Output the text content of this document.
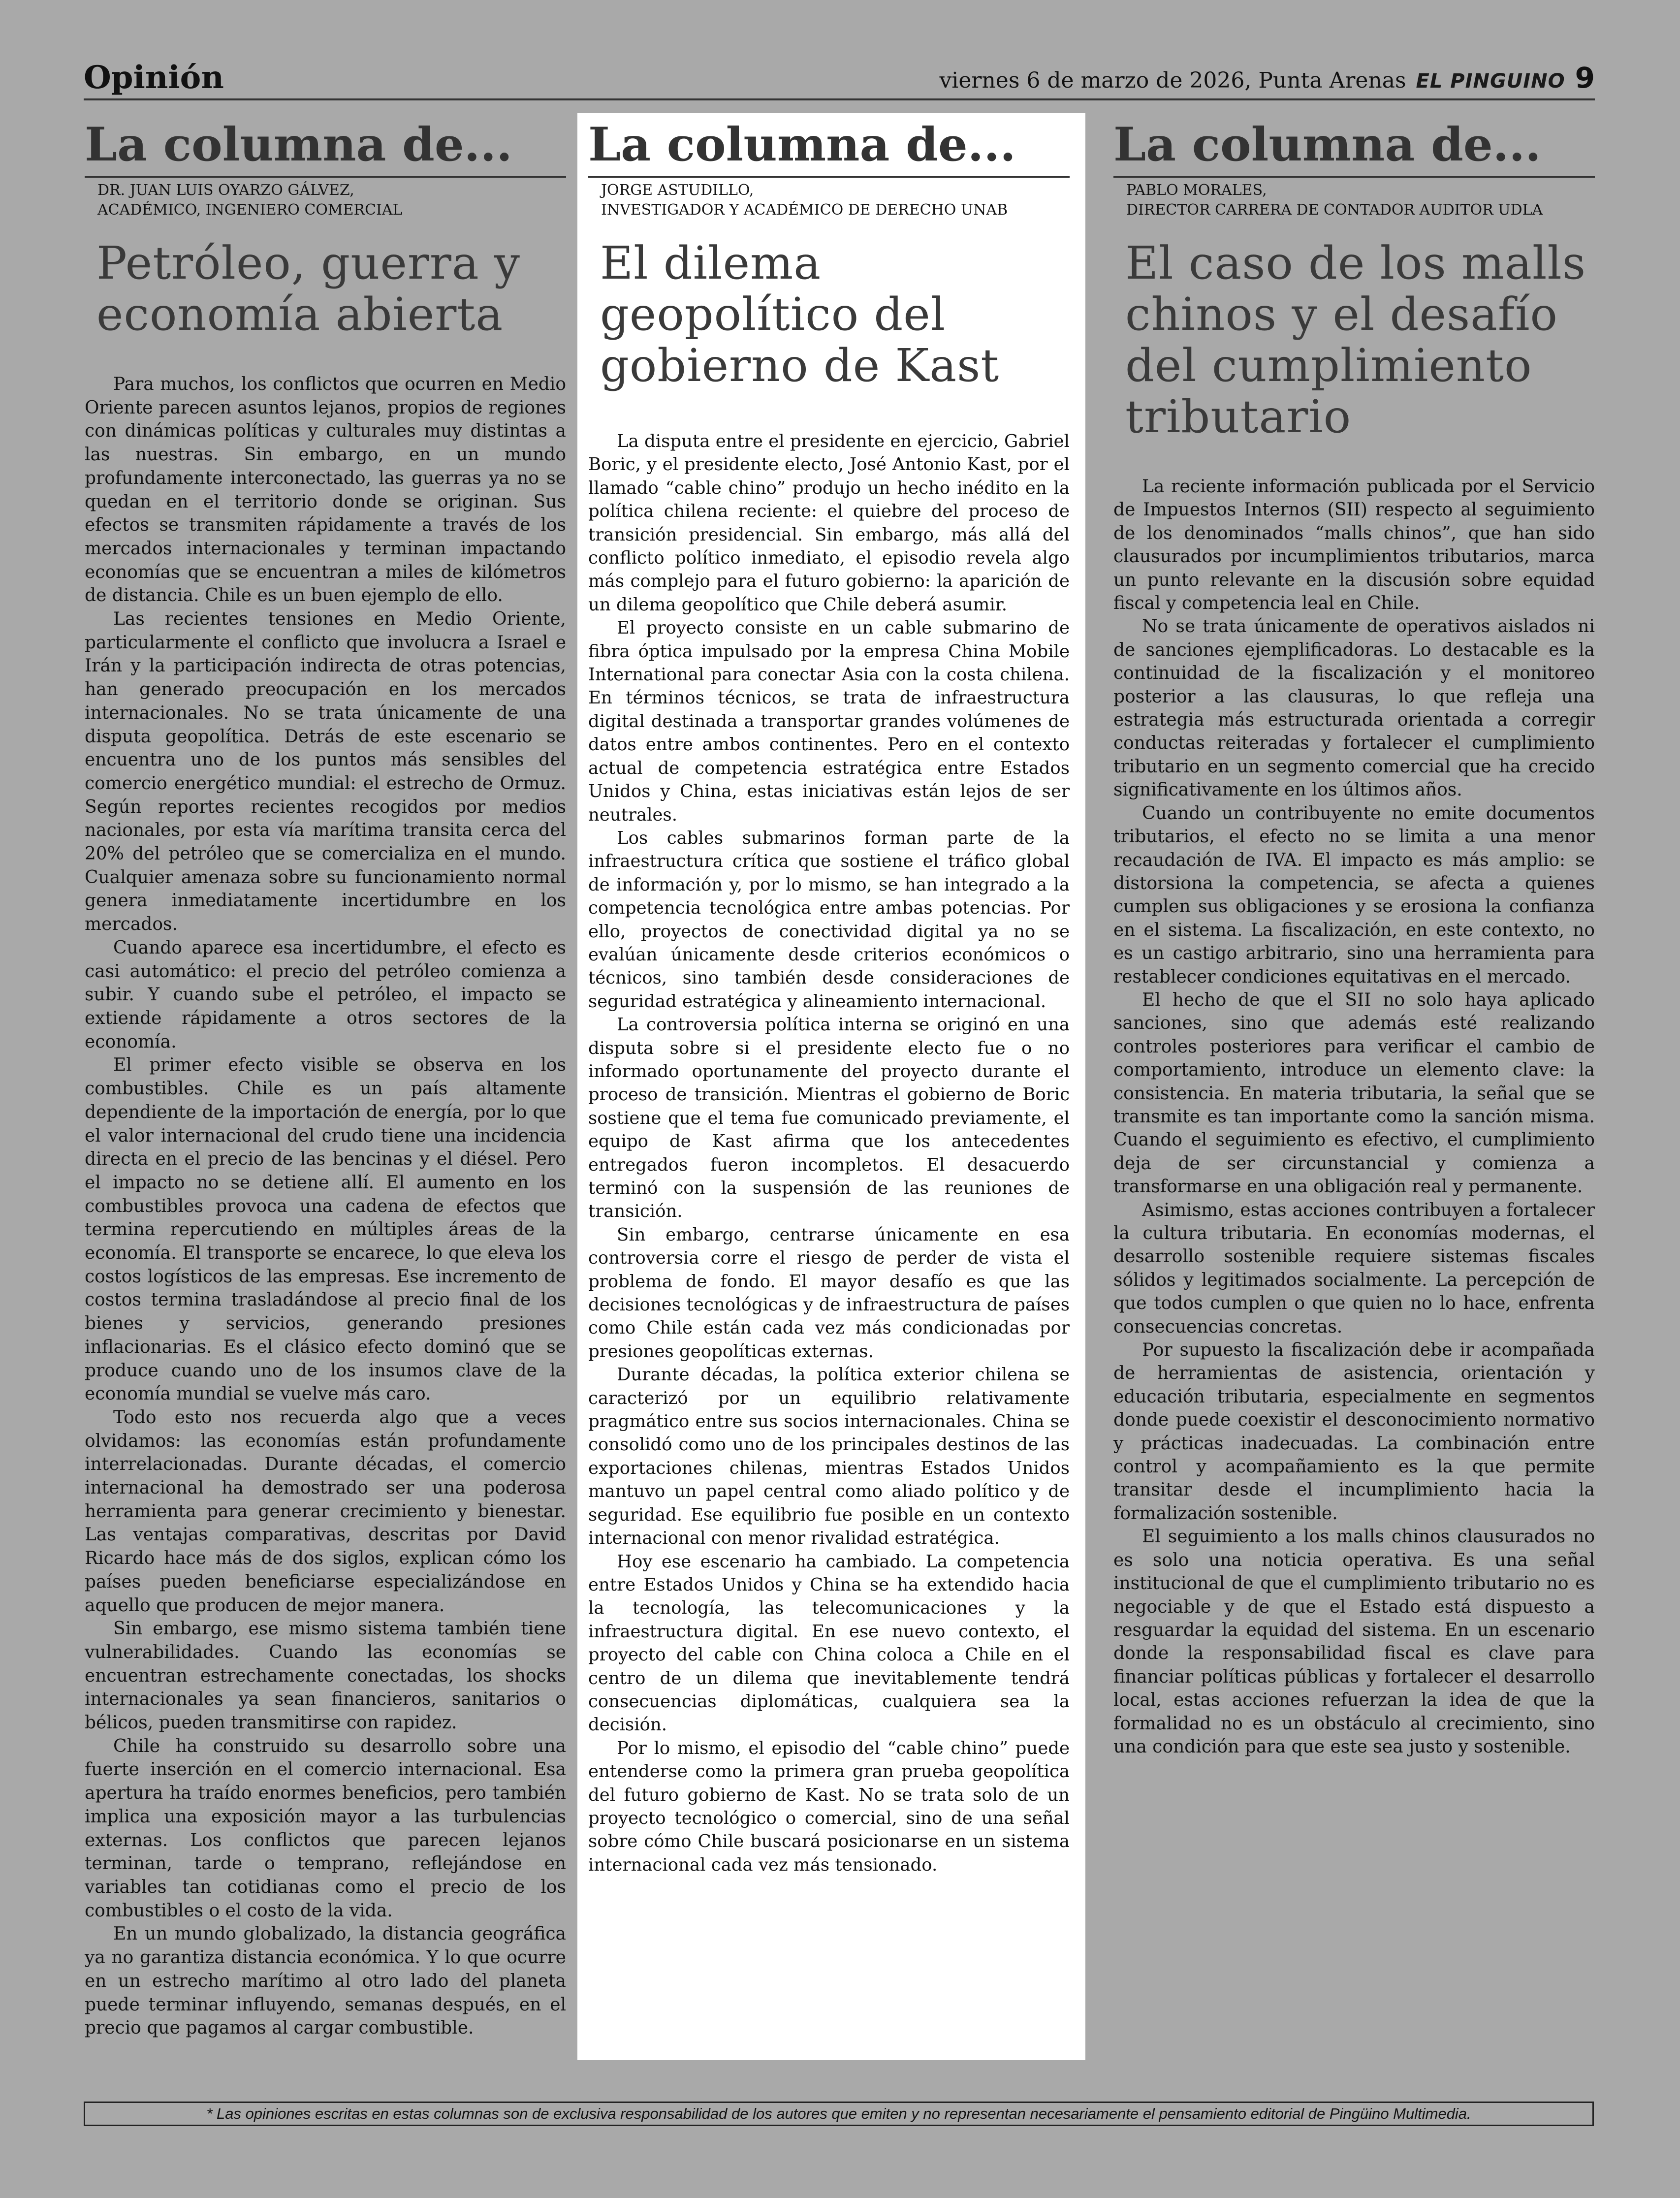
Opinión	viernes 6 de marzo de 2026, Punta Arenas EL PINGUINO 9
La columna de...
DR. JUAN LUIS OYARZO GÁLVEZ,
ACADÉMICO, INGENIERO COMERCIAL
Petróleo, guerra y economía abierta

Para muchos, los conflictos que ocurren en Medio Oriente parecen asuntos lejanos, propios de regiones con dinámicas políticas y culturales muy distintas a las nuestras. Sin embargo, en un mundo profundamente interconectado, las guerras ya no se quedan en el territorio donde se originan. Sus efectos se transmiten rápidamente a través de los mercados internacionales y terminan impactando economías que se encuentran a miles de kilómetros de distancia. Chile es un buen ejemplo de ello.

Las recientes tensiones en Medio Oriente, particularmente el conflicto que involucra a Israel e Irán y la participación indirecta de otras potencias, han generado preocupación en los mercados internacionales. No se trata únicamente de una disputa geopolítica. Detrás de este escenario se encuentra uno de los puntos más sensibles del comercio energético mundial: el estrecho de Ormuz. Según reportes recientes recogidos por medios nacionales, por esta vía marítima transita cerca del 20% del petróleo que se comercializa en el mundo. Cualquier amenaza sobre su funcionamiento normal genera inmediatamente incertidumbre en los mercados.

Cuando aparece esa incertidumbre, el efecto es casi automático: el precio del petróleo comienza a subir. Y cuando sube el petróleo, el impacto se extiende rápidamente a otros sectores de la economía.

El primer efecto visible se observa en los combustibles. Chile es un país altamente dependiente de la importación de energía, por lo que el valor internacional del crudo tiene una incidencia directa en el precio de las bencinas y el diésel. Pero el impacto no se detiene allí. El aumento en los combustibles provoca una cadena de efectos que termina repercutiendo en múltiples áreas de la economía. El transporte se encarece, lo que eleva los costos logísticos de las empresas. Ese incremento de costos termina trasladándose al precio final de los bienes y servicios, generando presiones inflacionarias. Es el clásico efecto dominó que se produce cuando uno de los insumos clave de la economía mundial se vuelve más caro.

Todo esto nos recuerda algo que a veces olvidamos: las economías están profundamente interrelacionadas. Durante décadas, el comercio internacional ha demostrado ser una poderosa herramienta para generar crecimiento y bienestar. Las ventajas comparativas, descritas por David Ricardo hace más de dos siglos, explican cómo los países pueden beneficiarse especializándose en aquello que producen de mejor manera.

Sin embargo, ese mismo sistema también tiene vulnerabilidades. Cuando las economías se encuentran estrechamente conectadas, los shocks internacionales ya sean financieros, sanitarios o bélicos, pueden transmitirse con rapidez.

Chile ha construido su desarrollo sobre una fuerte inserción en el comercio internacional. Esa apertura ha traído enormes beneficios, pero también implica una exposición mayor a las turbulencias externas. Los conflictos que parecen lejanos terminan, tarde o temprano, reflejándose en variables tan cotidianas como el precio de los combustibles o el costo de la vida.

En un mundo globalizado, la distancia geográfica ya no garantiza distancia económica. Y lo que ocurre en un estrecho marítimo al otro lado del planeta puede terminar influyendo, semanas después, en el precio que pagamos al cargar combustible.

La columna de...
JORGE ASTUDILLO,
INVESTIGADOR Y ACADÉMICO DE DERECHO UNAB
El dilema geopolítico del gobierno de Kast

La disputa entre el presidente en ejercicio, Gabriel Boric, y el presidente electo, José Antonio Kast, por el llamado “cable chino” produjo un hecho inédito en la política chilena reciente: el quiebre del proceso de transición presidencial. Sin embargo, más allá del conflicto político inmediato, el episodio revela algo más complejo para el futuro gobierno: la aparición de un dilema geopolítico que Chile deberá asumir.

El proyecto consiste en un cable submarino de fibra óptica impulsado por la empresa China Mobile International para conectar Asia con la costa chilena. En términos técnicos, se trata de infraestructura digital destinada a transportar grandes volúmenes de datos entre ambos continentes. Pero en el contexto actual de competencia estratégica entre Estados Unidos y China, estas iniciativas están lejos de ser neutrales.

Los cables submarinos forman parte de la infraestructura crítica que sostiene el tráfico global de información y, por lo mismo, se han integrado a la competencia tecnológica entre ambas potencias. Por ello, proyectos de conectividad digital ya no se evalúan únicamente desde criterios económicos o técnicos, sino también desde consideraciones de seguridad estratégica y alineamiento internacional.

La controversia política interna se originó en una disputa sobre si el presidente electo fue o no informado oportunamente del proyecto durante el proceso de transición. Mientras el gobierno de Boric sostiene que el tema fue comunicado previamente, el equipo de Kast afirma que los antecedentes entregados fueron incompletos. El desacuerdo terminó con la suspensión de las reuniones de transición.

Sin embargo, centrarse únicamente en esa controversia corre el riesgo de perder de vista el problema de fondo. El mayor desafío es que las decisiones tecnológicas y de infraestructura de países como Chile están cada vez más condicionadas por presiones geopolíticas externas.

Durante décadas, la política exterior chilena se caracterizó por un equilibrio relativamente pragmático entre sus socios internacionales. China se consolidó como uno de los principales destinos de las exportaciones chilenas, mientras Estados Unidos mantuvo un papel central como aliado político y de seguridad. Ese equilibrio fue posible en un contexto internacional con menor rivalidad estratégica.

Hoy ese escenario ha cambiado. La competencia entre Estados Unidos y China se ha extendido hacia la tecnología, las telecomunicaciones y la infraestructura digital. En ese nuevo contexto, el proyecto del cable con China coloca a Chile en el centro de un dilema que inevitablemente tendrá consecuencias diplomáticas, cualquiera sea la decisión.

Por lo mismo, el episodio del “cable chino” puede entenderse como la primera gran prueba geopolítica del futuro gobierno de Kast. No se trata solo de un proyecto tecnológico o comercial, sino de una señal sobre cómo Chile buscará posicionarse en un sistema internacional cada vez más tensionado.

La columna de...
PABLO MORALES,
DIRECTOR CARRERA DE CONTADOR AUDITOR UDLA
El caso de los malls chinos y el desafío del cumplimiento tributario

La reciente información publicada por el Servicio de Impuestos Internos (SII) respecto al seguimiento de los denominados “malls chinos”, que han sido clausurados por incumplimientos tributarios, marca un punto relevante en la discusión sobre equidad fiscal y competencia leal en Chile.

No se trata únicamente de operativos aislados ni de sanciones ejemplificadoras. Lo destacable es la continuidad de la fiscalización y el monitoreo posterior a las clausuras, lo que refleja una estrategia más estructurada orientada a corregir conductas reiteradas y fortalecer el cumplimiento tributario en un segmento comercial que ha crecido significativamente en los últimos años.

Cuando un contribuyente no emite documentos tributarios, el efecto no se limita a una menor recaudación de IVA. El impacto es más amplio: se distorsiona la competencia, se afecta a quienes cumplen sus obligaciones y se erosiona la confianza en el sistema. La fiscalización, en este contexto, no es un castigo arbitrario, sino una herramienta para restablecer condiciones equitativas en el mercado.

El hecho de que el SII no solo haya aplicado sanciones, sino que además esté realizando controles posteriores para verificar el cambio de comportamiento, introduce un elemento clave: la consistencia. En materia tributaria, la señal que se transmite es tan importante como la sanción misma. Cuando el seguimiento es efectivo, el cumplimiento deja de ser circunstancial y comienza a transformarse en una obligación real y permanente.

Asimismo, estas acciones contribuyen a fortalecer la cultura tributaria. En economías modernas, el desarrollo sostenible requiere sistemas fiscales sólidos y legitimados socialmente. La percepción de que todos cumplen o que quien no lo hace, enfrenta consecuencias concretas.

Por supuesto la fiscalización debe ir acompañada de herramientas de asistencia, orientación y educación tributaria, especialmente en segmentos donde puede coexistir el desconocimiento normativo y prácticas inadecuadas. La combinación entre control y acompañamiento es la que permite transitar desde el incumplimiento hacia la formalización sostenible.

El seguimiento a los malls chinos clausurados no es solo una noticia operativa. Es una señal institucional de que el cumplimiento tributario no es negociable y de que el Estado está dispuesto a resguardar la equidad del sistema. En un escenario donde la responsabilidad fiscal es clave para financiar políticas públicas y fortalecer el desarrollo local, estas acciones refuerzan la idea de que la formalidad no es un obstáculo al crecimiento, sino una condición para que este sea justo y sostenible.

* Las opiniones escritas en estas columnas son de exclusiva responsabilidad de los autores que emiten y no representan necesariamente el pensamiento editorial de Pingüino Multimedia.
